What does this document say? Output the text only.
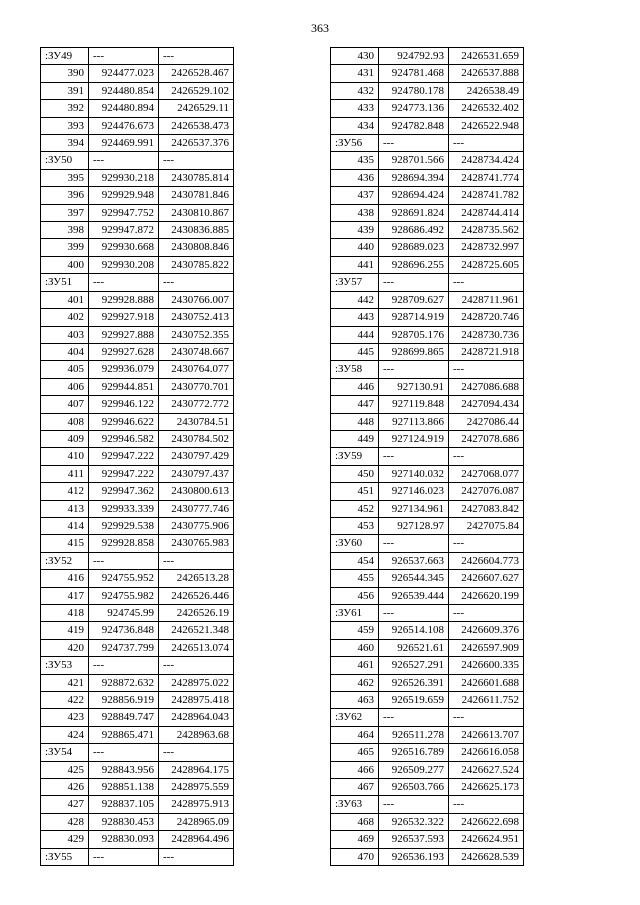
363
:ЗУ49	---	---
390	924477.023	2426528.467
391	924480.854	2426529.102
392	924480.894	2426529.11
393	924476.673	2426538.473
394	924469.991	2426537.376
:ЗУ50	---	---
395	929930.218	2430785.814
396	929929.948	2430781.846
397	929947.752	2430810.867
398	929947.872	2430836.885
399	929930.668	2430808.846
400	929930.208	2430785.822
:ЗУ51	---	---
401	929928.888	2430766.007
402	929927.918	2430752.413
403	929927.888	2430752.355
404	929927.628	2430748.667
405	929936.079	2430764.077
406	929944.851	2430770.701
407	929946.122	2430772.772
408	929946.622	2430784.51
409	929946.582	2430784.502
410	929947.222	2430797.429
411	929947.222	2430797.437
412	929947.362	2430800.613
413	929933.339	2430777.746
414	929929.538	2430775.906
415	929928.858	2430765.983
:ЗУ52	---	---
416	924755.952	2426513.28
417	924755.982	2426526.446
418	924745.99	2426526.19
419	924736.848	2426521.348
420	924737.799	2426513.074
:ЗУ53	---	---
421	928872.632	2428975.022
422	928856.919	2428975.418
423	928849.747	2428964.043
424	928865.471	2428963.68
:ЗУ54	---	---
425	928843.956	2428964.175
426	928851.138	2428975.559
427	928837.105	2428975.913
428	928830.453	2428965.09
429	928830.093	2428964.496
:ЗУ55	---	---
430	924792.93	2426531.659
431	924781.468	2426537.888
432	924780.178	2426538.49
433	924773.136	2426532.402
434	924782.848	2426522.948
:ЗУ56	---	---
435	928701.566	2428734.424
436	928694.394	2428741.774
437	928694.424	2428741.782
438	928691.824	2428744.414
439	928686.492	2428735.562
440	928689.023	2428732.997
441	928696.255	2428725.605
:ЗУ57	---	---
442	928709.627	2428711.961
443	928714.919	2428720.746
444	928705.176	2428730.736
445	928699.865	2428721.918
:ЗУ58	---	---
446	927130.91	2427086.688
447	927119.848	2427094.434
448	927113.866	2427086.44
449	927124.919	2427078.686
:ЗУ59	---	---
450	927140.032	2427068.077
451	927146.023	2427076.087
452	927134.961	2427083.842
453	927128.97	2427075.84
:ЗУ60	---	---
454	926537.663	2426604.773
455	926544.345	2426607.627
456	926539.444	2426620.199
:ЗУ61	---	---
459	926514.108	2426609.376
460	926521.61	2426597.909
461	926527.291	2426600.335
462	926526.391	2426601.688
463	926519.659	2426611.752
:ЗУ62	---	---
464	926511.278	2426613.707
465	926516.789	2426616.058
466	926509.277	2426627.524
467	926503.766	2426625.173
:ЗУ63	---	---
468	926532.322	2426622.698
469	926537.593	2426624.951
470	926536.193	2426628.539
